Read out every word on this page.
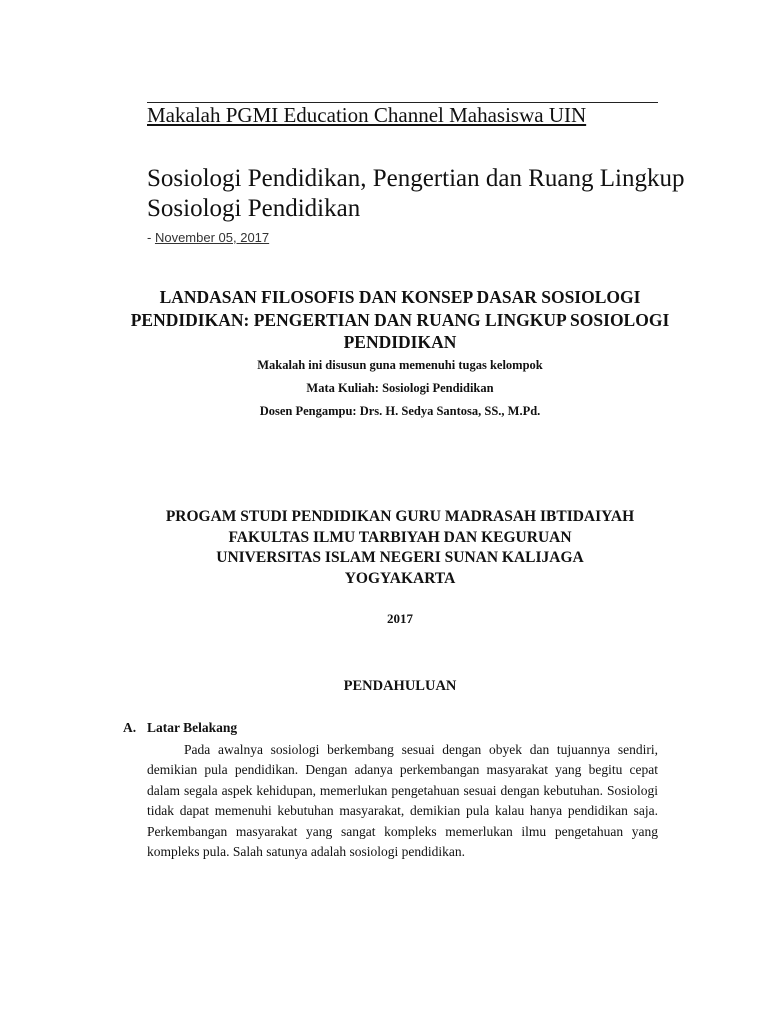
Makalah PGMI Education Channel Mahasiswa UIN
Sosiologi Pendidikan, Pengertian dan Ruang Lingkup Sosiologi Pendidikan
- November 05, 2017

LANDASAN FILOSOFIS DAN KONSEP DASAR SOSIOLOGI PENDIDIKAN: PENGERTIAN DAN RUANG LINGKUP SOSIOLOGI PENDIDIKAN

Makalah ini disusun guna memenuhi tugas kelompok

Mata Kuliah: Sosiologi Pendidikan

Dosen Pengampu: Drs. H. Sedya Santosa, SS., M.Pd.

PROGAM STUDI PENDIDIKAN GURU MADRASAH IBTIDAIYAH
FAKULTAS ILMU TARBIYAH DAN KEGURUAN
UNIVERSITAS ISLAM NEGERI SUNAN KALIJAGA
YOGYAKARTA

2017

PENDAHULUAN

A. Latar Belakang

Pada awalnya sosiologi berkembang sesuai dengan obyek dan tujuannya sendiri, demikian pula pendidikan. Dengan adanya perkembangan masyarakat yang begitu cepat dalam segala aspek kehidupan, memerlukan pengetahuan sesuai dengan kebutuhan. Sosiologi tidak dapat memenuhi kebutuhan masyarakat, demikian pula kalau hanya pendidikan saja. Perkembangan masyarakat yang sangat kompleks memerlukan ilmu pengetahuan yang kompleks pula. Salah satunya adalah sosiologi pendidikan.
